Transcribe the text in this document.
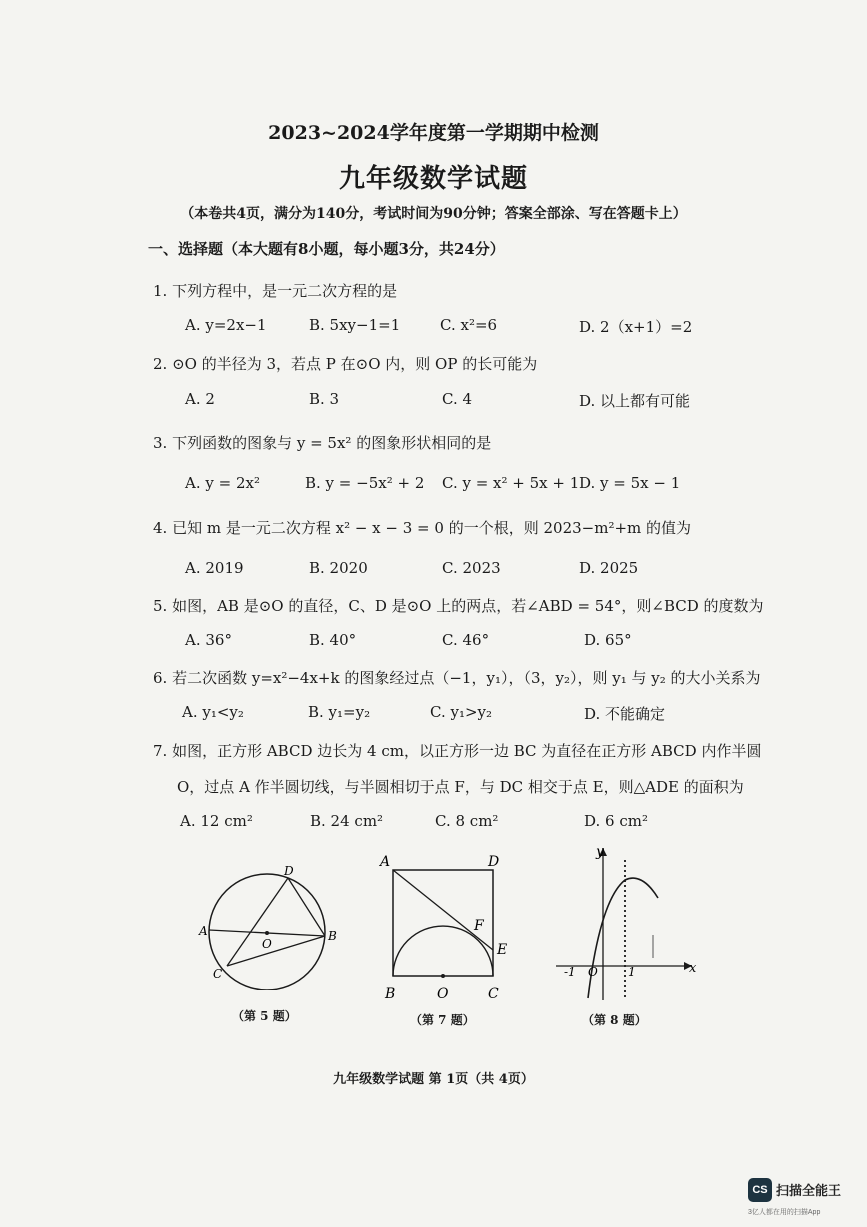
2023~2024学年度第一学期期中检测
九年级数学试题
（本卷共4页，满分为140分，考试时间为90分钟；答案全部涂、写在答题卡上）
一、选择题（本大题有8小题，每小题3分，共24分）
1. 下列方程中，是一元二次方程的是
A. y=2x−1	B. 5xy−1=1	C. x²=6	D. 2（x+1）=2
2. ⊙O 的半径为 3，若点 P 在⊙O 内，则 OP 的长可能为
A. 2	B. 3	C. 4	D. 以上都有可能
3. 下列函数的图象与 y = 5x² 的图象形状相同的是
A. y = 2x²	B. y = −5x² + 2 C. y = x² + 5x + 1 D. y = 5x − 1
4. 已知 m 是一元二次方程 x² − x − 3 = 0 的一个根，则 2023−m²+m 的值为
A. 2019	B. 2020	C. 2023	D. 2025
5. 如图，AB 是⊙O 的直径，C、D 是⊙O 上的两点，若∠ABD = 54°，则∠BCD 的度数为
A. 36°	B. 40°	C. 46°	D. 65°
6. 若二次函数 y=x²−4x+k 的图象经过点（−1，y₁），（3，y₂），则 y₁ 与 y₂ 的大小关系为
A. y₁<y₂	B. y₁=y₂	C. y₁>y₂	D. 不能确定
7. 如图，正方形 ABCD 边长为 4 cm，以正方形一边 BC 为直径在正方形 ABCD 内作半圆
O，过点 A 作半圆切线，与半圆相切于点 F，与 DC 相交于点 E，则△ADE 的面积为
A. 12 cm²	B. 24 cm²	C. 8 cm²	D. 6 cm²
A	B
C
D
O
（第 5 题）
A	D
F
E
B	O	C
（第 7 题）
y
x
-1 O	1
（第 8 题）
九年级数学试题 第 1页（共 4页）
CS 扫描全能王
3亿人都在用的扫描App
